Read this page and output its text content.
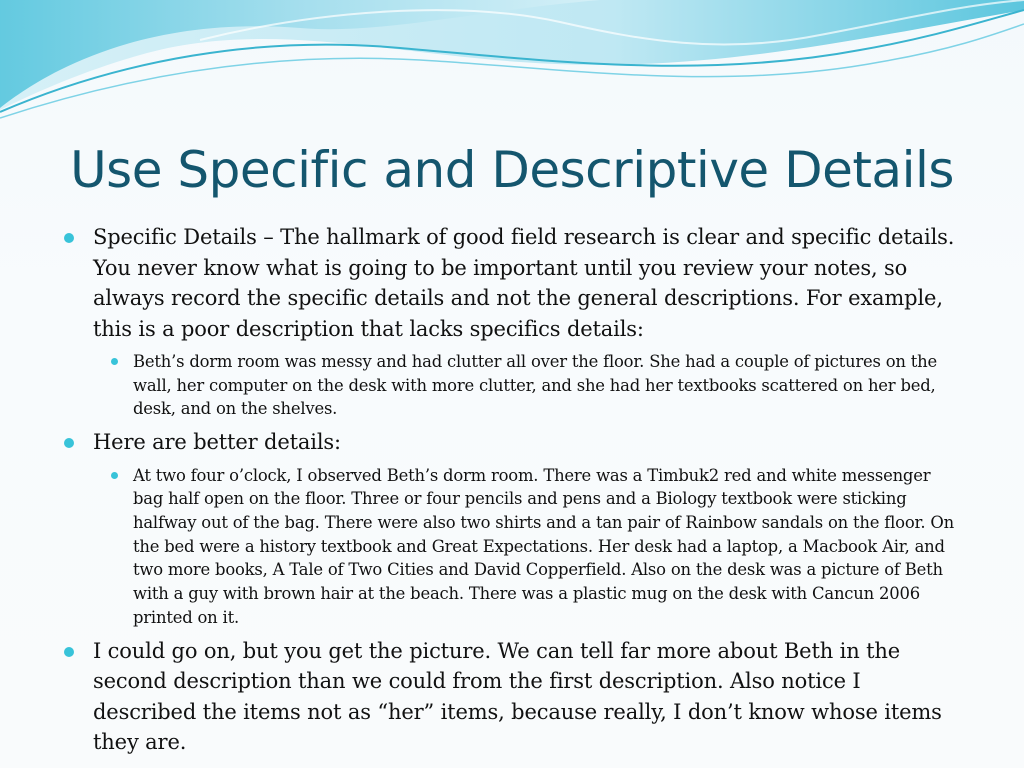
Use Specific and Descriptive Details
Specific Details – The hallmark of good field research is clear and specific details. You never know what is going to be important until you review your notes, so always record the specific details and not the general descriptions. For example, this is a poor description that lacks specifics details:
Beth’s dorm room was messy and had clutter all over the floor. She had a couple of pictures on the wall, her computer on the desk with more clutter, and she had her textbooks scattered on her bed, desk, and on the shelves.
Here are better details:
At two four o’clock, I observed Beth’s dorm room. There was a Timbuk2 red and white messenger bag half open on the floor. Three or four pencils and pens and a Biology textbook were sticking halfway out of the bag. There were also two shirts and a tan pair of Rainbow sandals on the floor. On the bed were a history textbook and Great Expectations. Her desk had a laptop, a Macbook Air, and two more books, A Tale of Two Cities and David Copperfield. Also on the desk was a picture of Beth with a guy with brown hair at the beach. There was a plastic mug on the desk with Cancun 2006 printed on it.
I could go on, but you get the picture. We can tell far more about Beth in the second description than we could from the first description. Also notice I described the items not as “her” items, because really, I don’t know whose items they are.
